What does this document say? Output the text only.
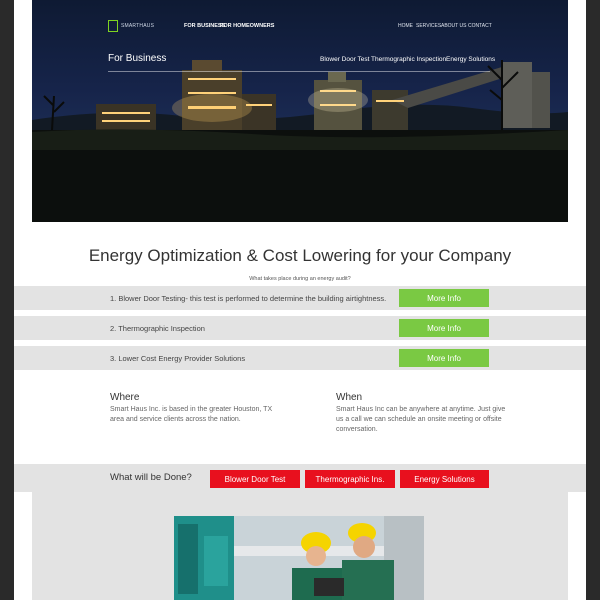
SMARTHAUS	FOR BUSINESS
FOR HOMEOWNERS	HOME SERVICES ABOUT US CONTACT
For Business	Blower Door Test Thermographic Inspection Energy Solutions
Energy Optimization & Cost Lowering for your Company
What takes place during an energy audit?
1. Blower Door Testing- this test is performed to determine the building airtightness.	More Info
2. Thermographic Inspection	More Info
3. Lower Cost Energy Provider Solutions	More Info
Where
Smart Haus Inc. is based in the greater Houston, TX area and service clients across the nation.
When
Smart Haus Inc can be anywhere at anytime. Just give us a call we can schedule an onsite meeting or offsite conversation.
What will be Done?	Blower Door Test	Thermographic Ins.	Energy Solutions
